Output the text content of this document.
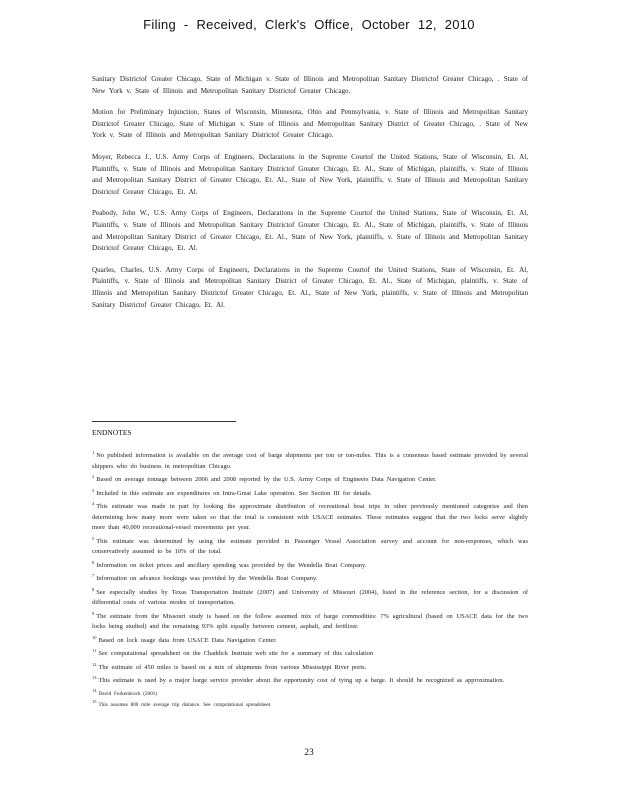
Filing - Received, Clerk's Office, October 12, 2010

Sanitary Districtof Greater Chicago, State of Michigan v. State of Illinois and Metropolitan Sanitary Districtof Greater Chicago, . State of New York v. State of Illinois and Metropolitan Sanitary Districtof Greater Chicago.

Motion for Preliminary Injunction, States of Wisconsin, Minnesota, Ohio and Pennsylvania, v. State of Illinois and Metropolitan Sanitary Districtof Greater Chicago, State of Michigan v. State of Illinois and Metropolitan Sanitary District of Greater Chicago, . State of New York v. State of Illinois and Metropolitan Sanitary Districtof Greater Chicago.

Moyer, Rebecca J., U.S. Army Corps of Engineers, Declarations in the Supreme Courtof the United Stations, State of Wisconsin, Et. Al, Plaintiffs, v. State of Illinois and Metropolitan Sanitary Districtof Greater Chicago, Et. Al., State of Michigan, plaintiffs, v. State of Illinois and Metropolitan Sanitary District of Greater Chicago, Et. Al., State of New York, plaintiffs, v. State of Illinois and Metropolitan Sanitary Districtof Greater Chicago, Et. Al.

Peabody, John W., U.S. Army Corps of Engineers, Declarations in the Supreme Courtof the United Stations, State of Wisconsin, Et. Al, Plaintiffs, v. State of Illinois and Metropolitan Sanitary Districtof Greater Chicago, Et. Al., State of Michigan, plaintiffs, v. State of Illinois and Metropolitan Sanitary District of Greater Chicago, Et. Al., State of New York, plaintiffs, v. State of Illinois and Metropolitan Sanitary Districtof Greater Chicago, Et. Al.

Quarles, Charles, U.S. Army Corps of Engineers, Declarations in the Supreme Courtof the United Stations, State of Wisconsin, Et. Al, Plaintiffs, v. State of Illinois and Metropolitan Sanitary District of Greater Chicago, Et. Al., State of Michigan, plaintiffs, v. State of Illinois and Metropolitan Sanitary Districtof Greater Chicago, Et. Al., State of New York, plaintiffs, v. State of Illinois and Metropolitan Sanitary Districtof Greater Chicago, Et. Al.

ENDNOTES

$^1$ No published information is available on the average cost of barge shipments per ton or ton-miles. This is a consensus based estimate provided by several shippers who do business in metropolitan Chicago.

$^2$ Based on average tonnage between 2006 and 2008 reported by the U.S. Army Corps of Engineers Data Navigation Center.

$^3$ Included in this estimate are expenditures on Intra-Great Lake operation. See Section III for details.

$^4$ This estimate was made in part by looking the approximate distribution of recreational boat trips in other previously mentioned categories and then determining how many more were taken so that the total is consistent with USACE estimates. These estimates suggest that the two locks serve slightly more than 40,000 recreational-vessel movements per year.

$^5$ This estimate was determined by using the estimate provided in Passenger Vessel Association survey and account for non-responses, which was conservatively assumed to be 10% of the total.

$^6$ Information on ticket prices and ancillary spending was provided by the Wendella Boat Company.

$^7$ Information on advance bookings was provided by the Wendella Boat Company.

$^8$ See especially studies by Texas Transportation Institute (2007) and University of Missouri (2004), listed in the reference section, for a discussion of differential costs of various modes of transportation.

$^9$ The estimate from the Missouri study is based on the follow assumed mix of barge commodities: 7% agricultural (based on USACE data for the two locks being studied) and the remaining 93% split equally between cement, asphalt, and fertilizer.

$^{10}$ Based on lock usage data from USACE Data Navigation Center.

$^{11}$ See computational spreadsheet on the Chaddick Institute web site for a summary of this calculation

$^{12}$ The estimate of 450 miles is based on a mix of shipments from various Mississippi River ports.

$^{13}$ This estimate is used by a major barge service provider about the opportunity cost of tying up a barge. It should be recognized as approximation.

$^{14}$David Forkenbrock (2001)

$^{15}$This assumes 800 mile average trip distance. See computational spreadsheet.

23
